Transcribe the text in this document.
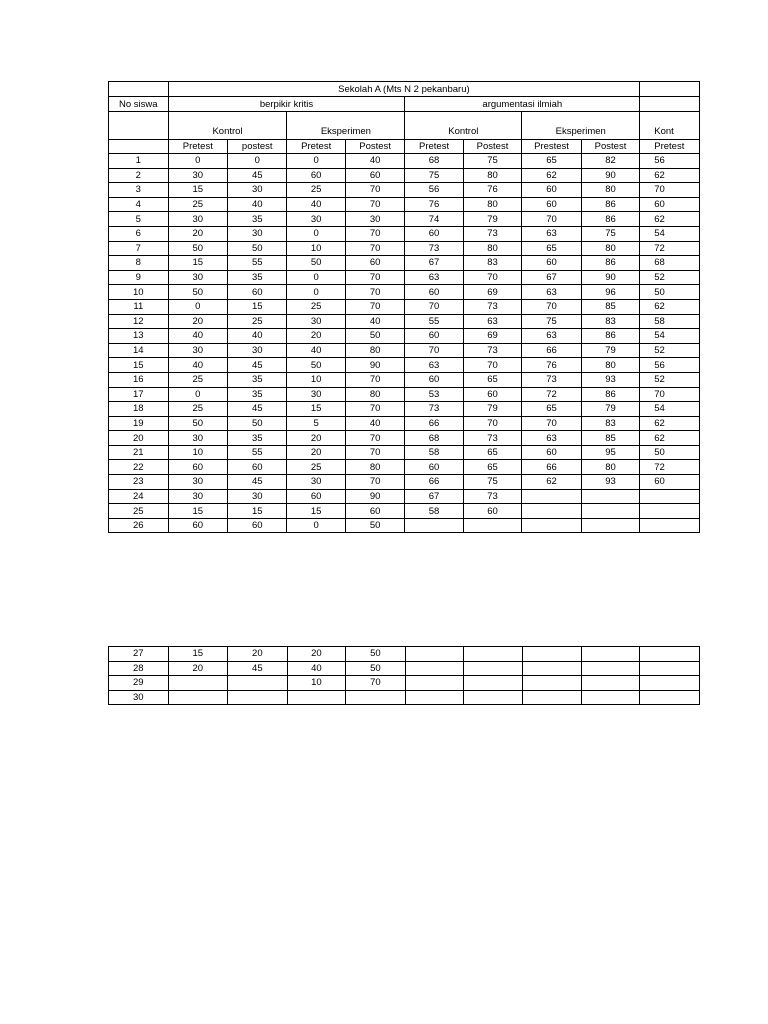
	Sekolah A (Mts N 2 pekanbaru)								
No siswa	berpikir kritis				argumentasi ilmiah				
	Kontrol		Eksperimen		Kontrol		Eksperimen		Kont
	Pretest	postest	Pretest	Postest	Pretest	Postest	Prestest	Postest	Pretest
1	0	0	0	40	68	75	65	82	56
2	30	45	60	60	75	80	62	90	62
3	15	30	25	70	56	76	60	80	70
4	25	40	40	70	76	80	60	86	60
5	30	35	30	30	74	79	70	86	62
6	20	30	0	70	60	73	63	75	54
7	50	50	10	70	73	80	65	80	72
8	15	55	50	60	67	83	60	86	68
9	30	35	0	70	63	70	67	90	52
10	50	60	0	70	60	69	63	96	50
11	0	15	25	70	70	73	70	85	62
12	20	25	30	40	55	63	75	83	58
13	40	40	20	50	60	69	63	86	54
14	30	30	40	80	70	73	66	79	52
15	40	45	50	90	63	70	76	80	56
16	25	35	10	70	60	65	73	93	52
17	0	35	30	80	53	60	72	86	70
18	25	45	15	70	73	79	65	79	54
19	50	50	5	40	66	70	70	83	62
20	30	35	20	70	68	73	63	85	62
21	10	55	20	70	58	65	60	95	50
22	60	60	25	80	60	65	66	80	72
23	30	45	30	70	66	75	62	93	60
24	30	30	60	90	67	73			
25	15	15	15	60	58	60			
26	60	60	0	50					
27	15	20	20	50					
28	20	45	40	50					
29			10	70					
30									
